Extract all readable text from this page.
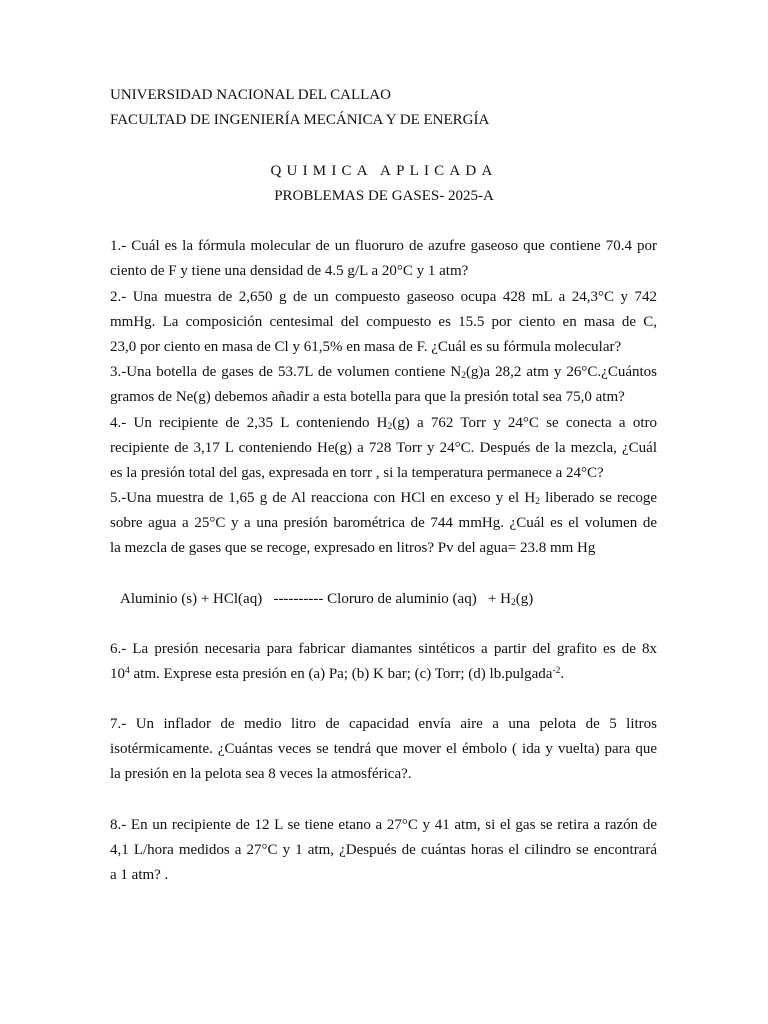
UNIVERSIDAD NACIONAL DEL CALLAO
FACULTAD DE INGENIERÍA MECÁNICA Y DE ENERGÍA
QUIMICA APLICADA
PROBLEMAS DE GASES- 2025-A
1.- Cuál es la fórmula molecular de un fluoruro de azufre gaseoso que contiene 70.4 por
ciento de F y tiene una densidad de 4.5 g/L a 20°C y 1 atm?
2.- Una muestra de 2,650 g de un compuesto gaseoso ocupa 428 mL a 24,3°C y 742
mmHg. La composición centesimal del compuesto es 15.5 por ciento en masa de C,
23,0 por ciento en masa de Cl y 61,5% en masa de F. ¿Cuál es su fórmula molecular?
3.-Una botella de gases de 53.7L de volumen contiene $N_2(g)a$ 28,2 atm y 26°C.¿Cuántos
gramos de Ne(g) debemos añadir a esta botella para que la presión total sea 75,0 atm?
4.- Un recipiente de 2,35 L conteniendo $H_2(g)$ a 762 Torr y 24°C se conecta a otro
recipiente de 3,17 L conteniendo He(g) a 728 Torr y 24°C. Después de la mezcla, ¿Cuál
es la presión total del gas, expresada en torr , si la temperatura permanece a 24°C?
5.-Una muestra de 1,65 g de Al reacciona con HCl en exceso y el $H_2$ liberado se recoge
sobre agua a 25°C y a una presión barométrica de 744 mmHg. ¿Cuál es el volumen de
la mezcla de gases que se recoge, expresado en litros? Pv del agua= 23.8 mm Hg
Aluminio (s) + HCl(aq)   ---------- Cloruro de aluminio $(aq) + H_2(g)$
6.- La presión necesaria para fabricar diamantes sintéticos a partir del grafito es de 8x
$10^4$ atm. Exprese esta presión en (a) Pa; (b) K bar; (c) Torr; (d) lb.pulgada$^{-2}$.
7.- Un inflador de medio litro de capacidad envía aire a una pelota de 5 litros
isotérmicamente. ¿Cuántas veces se tendrá que mover el émbolo ( ida y vuelta) para que
la presión en la pelota sea 8 veces la atmosférica?.
8.- En un recipiente de 12 L se tiene etano a 27°C y 41 atm, si el gas se retira a razón de
4,1 L/hora medidos a 27°C y 1 atm, ¿Después de cuántas horas el cilindro se encontrará
a 1 atm? .
